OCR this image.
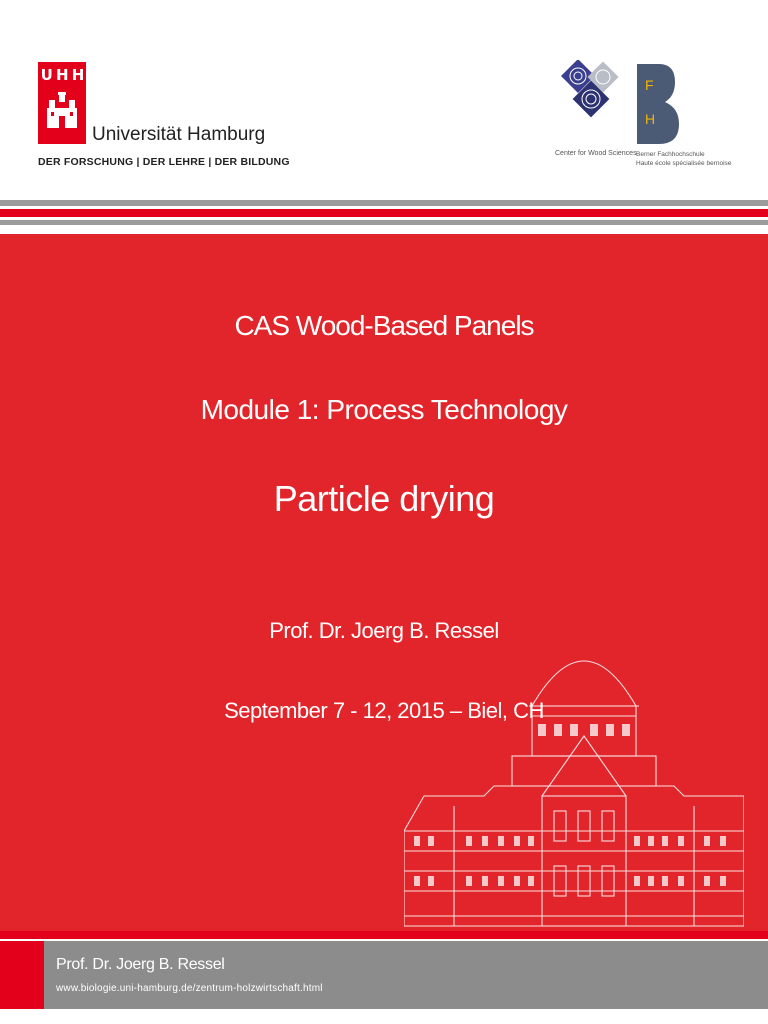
U H H
Universität Hamburg
DER FORSCHUNG | DER LEHRE | DER BILDUNG
Center for Wood Sciences
F
H
Berner Fachhochschule
Haute école spécialisée bernoise
CAS Wood-Based Panels
Module 1: Process Technology
Particle drying
Prof. Dr. Joerg B. Ressel
September 7 - 12, 2015 – Biel, CH
Prof. Dr. Joerg B. Ressel
www.biologie.uni-hamburg.de/zentrum-holzwirtschaft.html
